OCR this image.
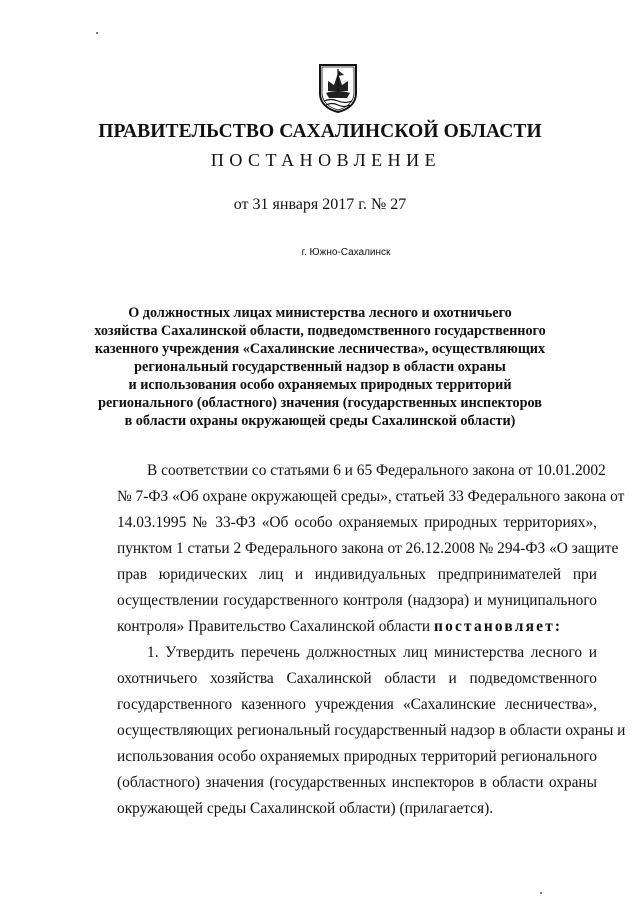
ПРАВИТЕЛЬСТВО САХАЛИНСКОЙ ОБЛАСТИ
ПОСТАНОВЛЕНИЕ
от 31 января 2017 г. № 27
г. Южно-Сахалинск
О должностных лицах министерства лесного и охотничьего
хозяйства Сахалинской области, подведомственного государственного
казенного учреждения «Сахалинские лесничества», осуществляющих
региональный государственный надзор в области охраны
и использования особо охраняемых природных территорий
регионального (областного) значения (государственных инспекторов
в области охраны окружающей среды Сахалинской области)
В соответствии со статьями 6 и 65 Федерального закона от 10.01.2002
№ 7-ФЗ «Об охране окружающей среды», статьей 33 Федерального закона от
14.03.1995 № 33-ФЗ «Об особо охраняемых природных территориях»,
пунктом 1 статьи 2 Федерального закона от 26.12.2008 № 294-ФЗ «О защите
прав юридических лиц и индивидуальных предпринимателей при
осуществлении государственного контроля (надзора) и муниципального
контроля» Правительство Сахалинской области постановляет:
1. Утвердить перечень должностных лиц министерства лесного и
охотничьего хозяйства Сахалинской области и подведомственного
государственного казенного учреждения «Сахалинские лесничества»,
осуществляющих региональный государственный надзор в области охраны и
использования особо охраняемых природных территорий регионального
(областного) значения (государственных инспекторов в области охраны
окружающей среды Сахалинской области) (прилагается).
